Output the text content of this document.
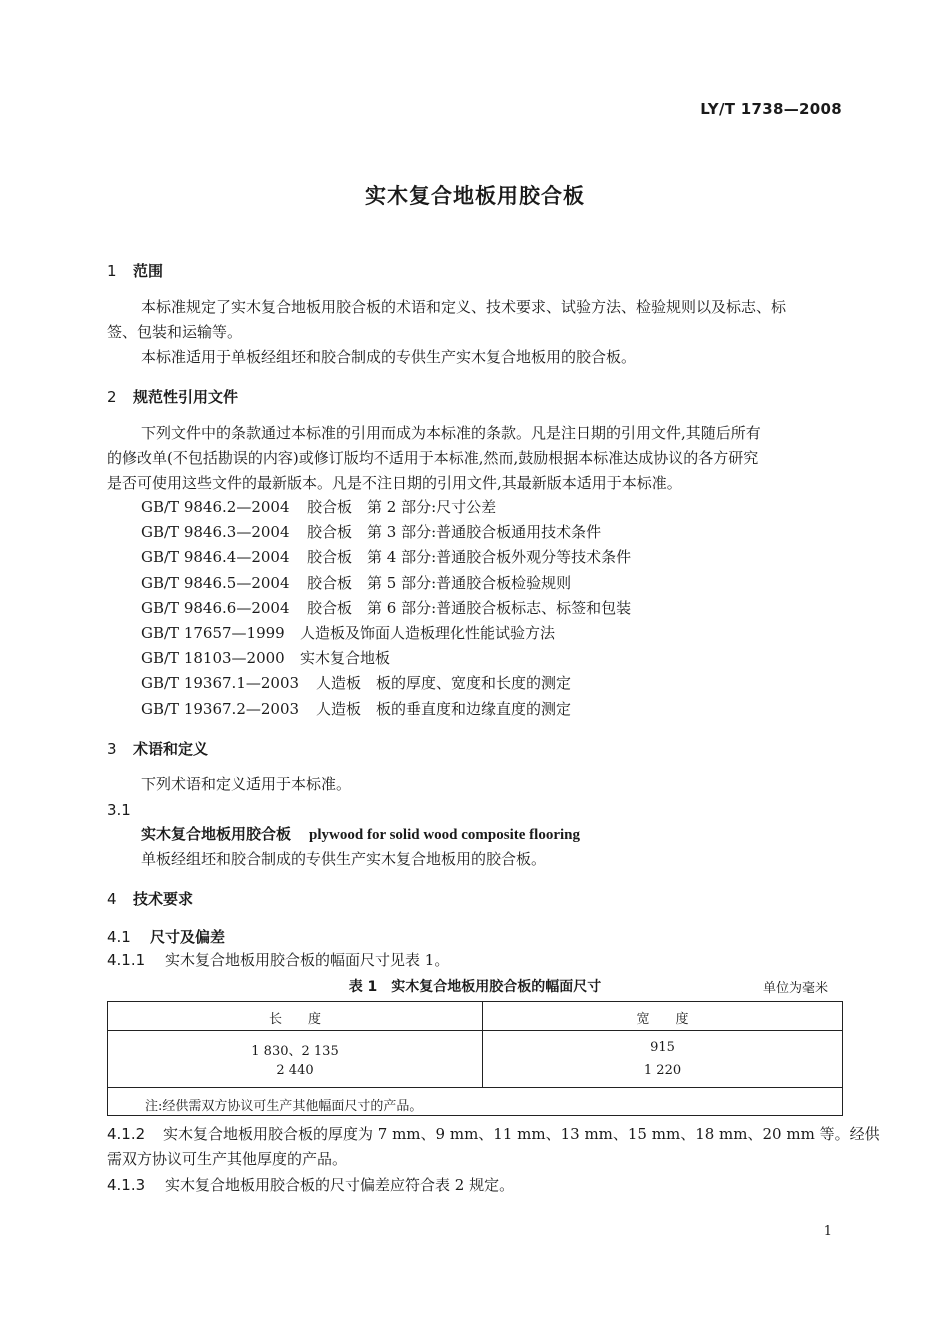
LY/T 1738—2008
实木复合地板用胶合板
1 范围
本标准规定了实木复合地板用胶合板的术语和定义、技术要求、试验方法、检验规则以及标志、标
签、包装和运输等。
本标准适用于单板经组坯和胶合制成的专供生产实木复合地板用的胶合板。
2 规范性引用文件
下列文件中的条款通过本标准的引用而成为本标准的条款。凡是注日期的引用文件,其随后所有
的修改单(不包括勘误的内容)或修订版均不适用于本标准,然而,鼓励根据本标准达成协议的各方研究
是否可使用这些文件的最新版本。凡是不注日期的引用文件,其最新版本适用于本标准。
GB/T 9846.2—2004 胶合板　第 2 部分:尺寸公差
GB/T 9846.3—2004 胶合板　第 3 部分:普通胶合板通用技术条件
GB/T 9846.4—2004 胶合板　第 4 部分:普通胶合板外观分等技术条件
GB/T 9846.5—2004 胶合板　第 5 部分:普通胶合板检验规则
GB/T 9846.6—2004 胶合板　第 6 部分:普通胶合板标志、标签和包装
GB/T 17657—1999 人造板及饰面人造板理化性能试验方法
GB/T 18103—2000 实木复合地板
GB/T 19367.1—2003 人造板　板的厚度、宽度和长度的测定
GB/T 19367.2—2003 人造板　板的垂直度和边缘直度的测定
3 术语和定义
下列术语和定义适用于本标准。
3.1
实木复合地板用胶合板 plywood for solid wood composite flooring
单板经组坯和胶合制成的专供生产实木复合地板用的胶合板。
4 技术要求
4.1 尺寸及偏差
4.1.1 实木复合地板用胶合板的幅面尺寸见表 1。
表 1　实木复合地板用胶合板的幅面尺寸	单位为毫米
长　　度	宽　　度
1 830、2 135	915
2 440	1 220
注:经供需双方协议可生产其他幅面尺寸的产品。
4.1.2 实木复合地板用胶合板的厚度为 7 mm、9 mm、11 mm、13 mm、15 mm、18 mm、20 mm 等。经供
需双方协议可生产其他厚度的产品。
4.1.3 实木复合地板用胶合板的尺寸偏差应符合表 2 规定。
1
